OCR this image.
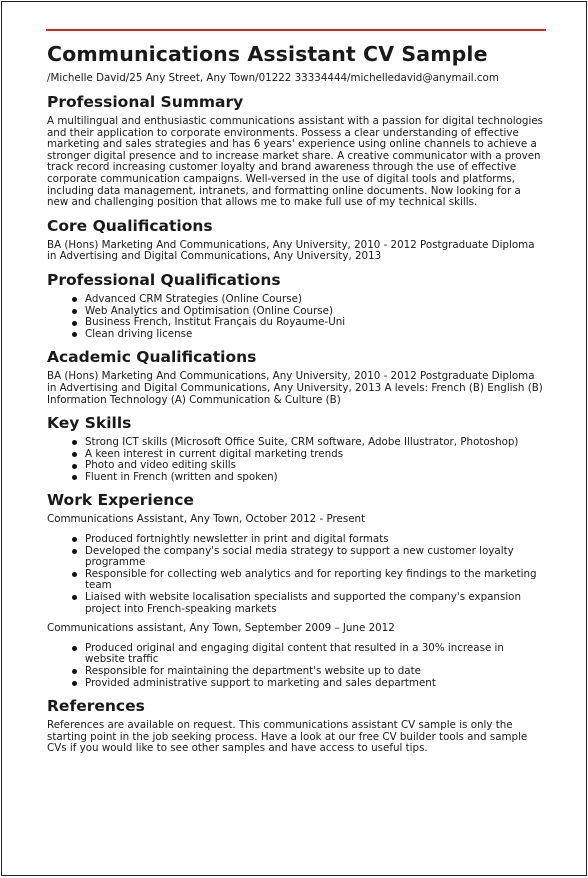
Communications Assistant CV Sample
/Michelle David/25 Any Street, Any Town/01222 33334444/michelledavid@anymail.com
Professional Summary

A multilingual and enthusiastic communications assistant with a passion for digital technologies and their application to corporate environments. Possess a clear understanding of effective marketing and sales strategies and has 6 years' experience using online channels to achieve a stronger digital presence and to increase market share. A creative communicator with a proven track record increasing customer loyalty and brand awareness through the use of effective corporate communication campaigns. Well-versed in the use of digital tools and platforms, including data management, intranets, and formatting online documents. Now looking for a new and challenging position that allows me to make full use of my technical skills.

Core Qualifications

BA (Hons) Marketing And Communications, Any University, 2010 - 2012 Postgraduate Diploma in Advertising and Digital Communications, Any University, 2013

Professional Qualifications
Advanced CRM Strategies (Online Course)
Web Analytics and Optimisation (Online Course)
Business French, Institut Français du Royaume-Uni
Clean driving license
Academic Qualifications

BA (Hons) Marketing And Communications, Any University, 2010 - 2012 Postgraduate Diploma in Advertising and Digital Communications, Any University, 2013 A levels: French (B) English (B) Information Technology (A) Communication & Culture (B)

Key Skills
Strong ICT skills (Microsoft Office Suite, CRM software, Adobe Illustrator, Photoshop)
A keen interest in current digital marketing trends
Photo and video editing skills
Fluent in French (written and spoken)
Work Experience

Communications Assistant, Any Town, October 2012 - Present

Produced fortnightly newsletter in print and digital formats
Developed the company's social media strategy to support a new customer loyalty programme
Responsible for collecting web analytics and for reporting key findings to the marketing team
Liaised with website localisation specialists and supported the company's expansion project into French-speaking markets

Communications assistant, Any Town, September 2009 – June 2012

Produced original and engaging digital content that resulted in a 30% increase in website traffic
Responsible for maintaining the department's website up to date
Provided administrative support to marketing and sales department
References

References are available on request. This communications assistant CV sample is only the starting point in the job seeking process. Have a look at our free CV builder tools and sample CVs if you would like to see other samples and have access to useful tips.
